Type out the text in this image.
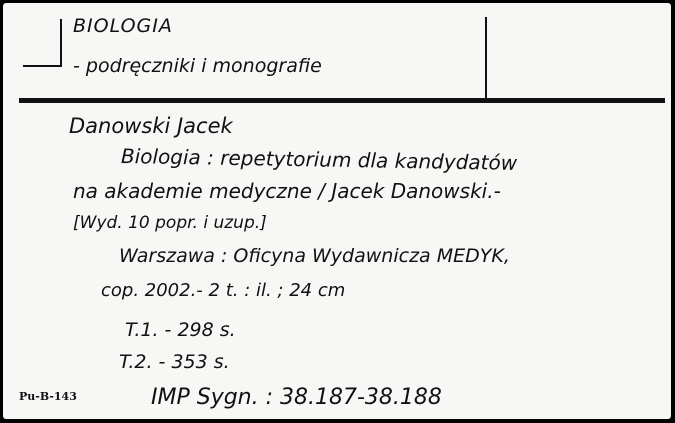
BIOLOGIA
- podręczniki i monografie
Danowski Jacek
Biologia : repetytorium dla kandydatów
na akademie medyczne / Jacek Danowski.-
[Wyd. 10 popr. i uzup.]
Warszawa : Oficyna Wydawnicza MEDYK,
cop. 2002.- 2 t. : il. ; 24 cm
T.1. - 298 s.
T.2. - 353 s.
Pu-B-143	IMP Sygn. : 38.187-38.188
